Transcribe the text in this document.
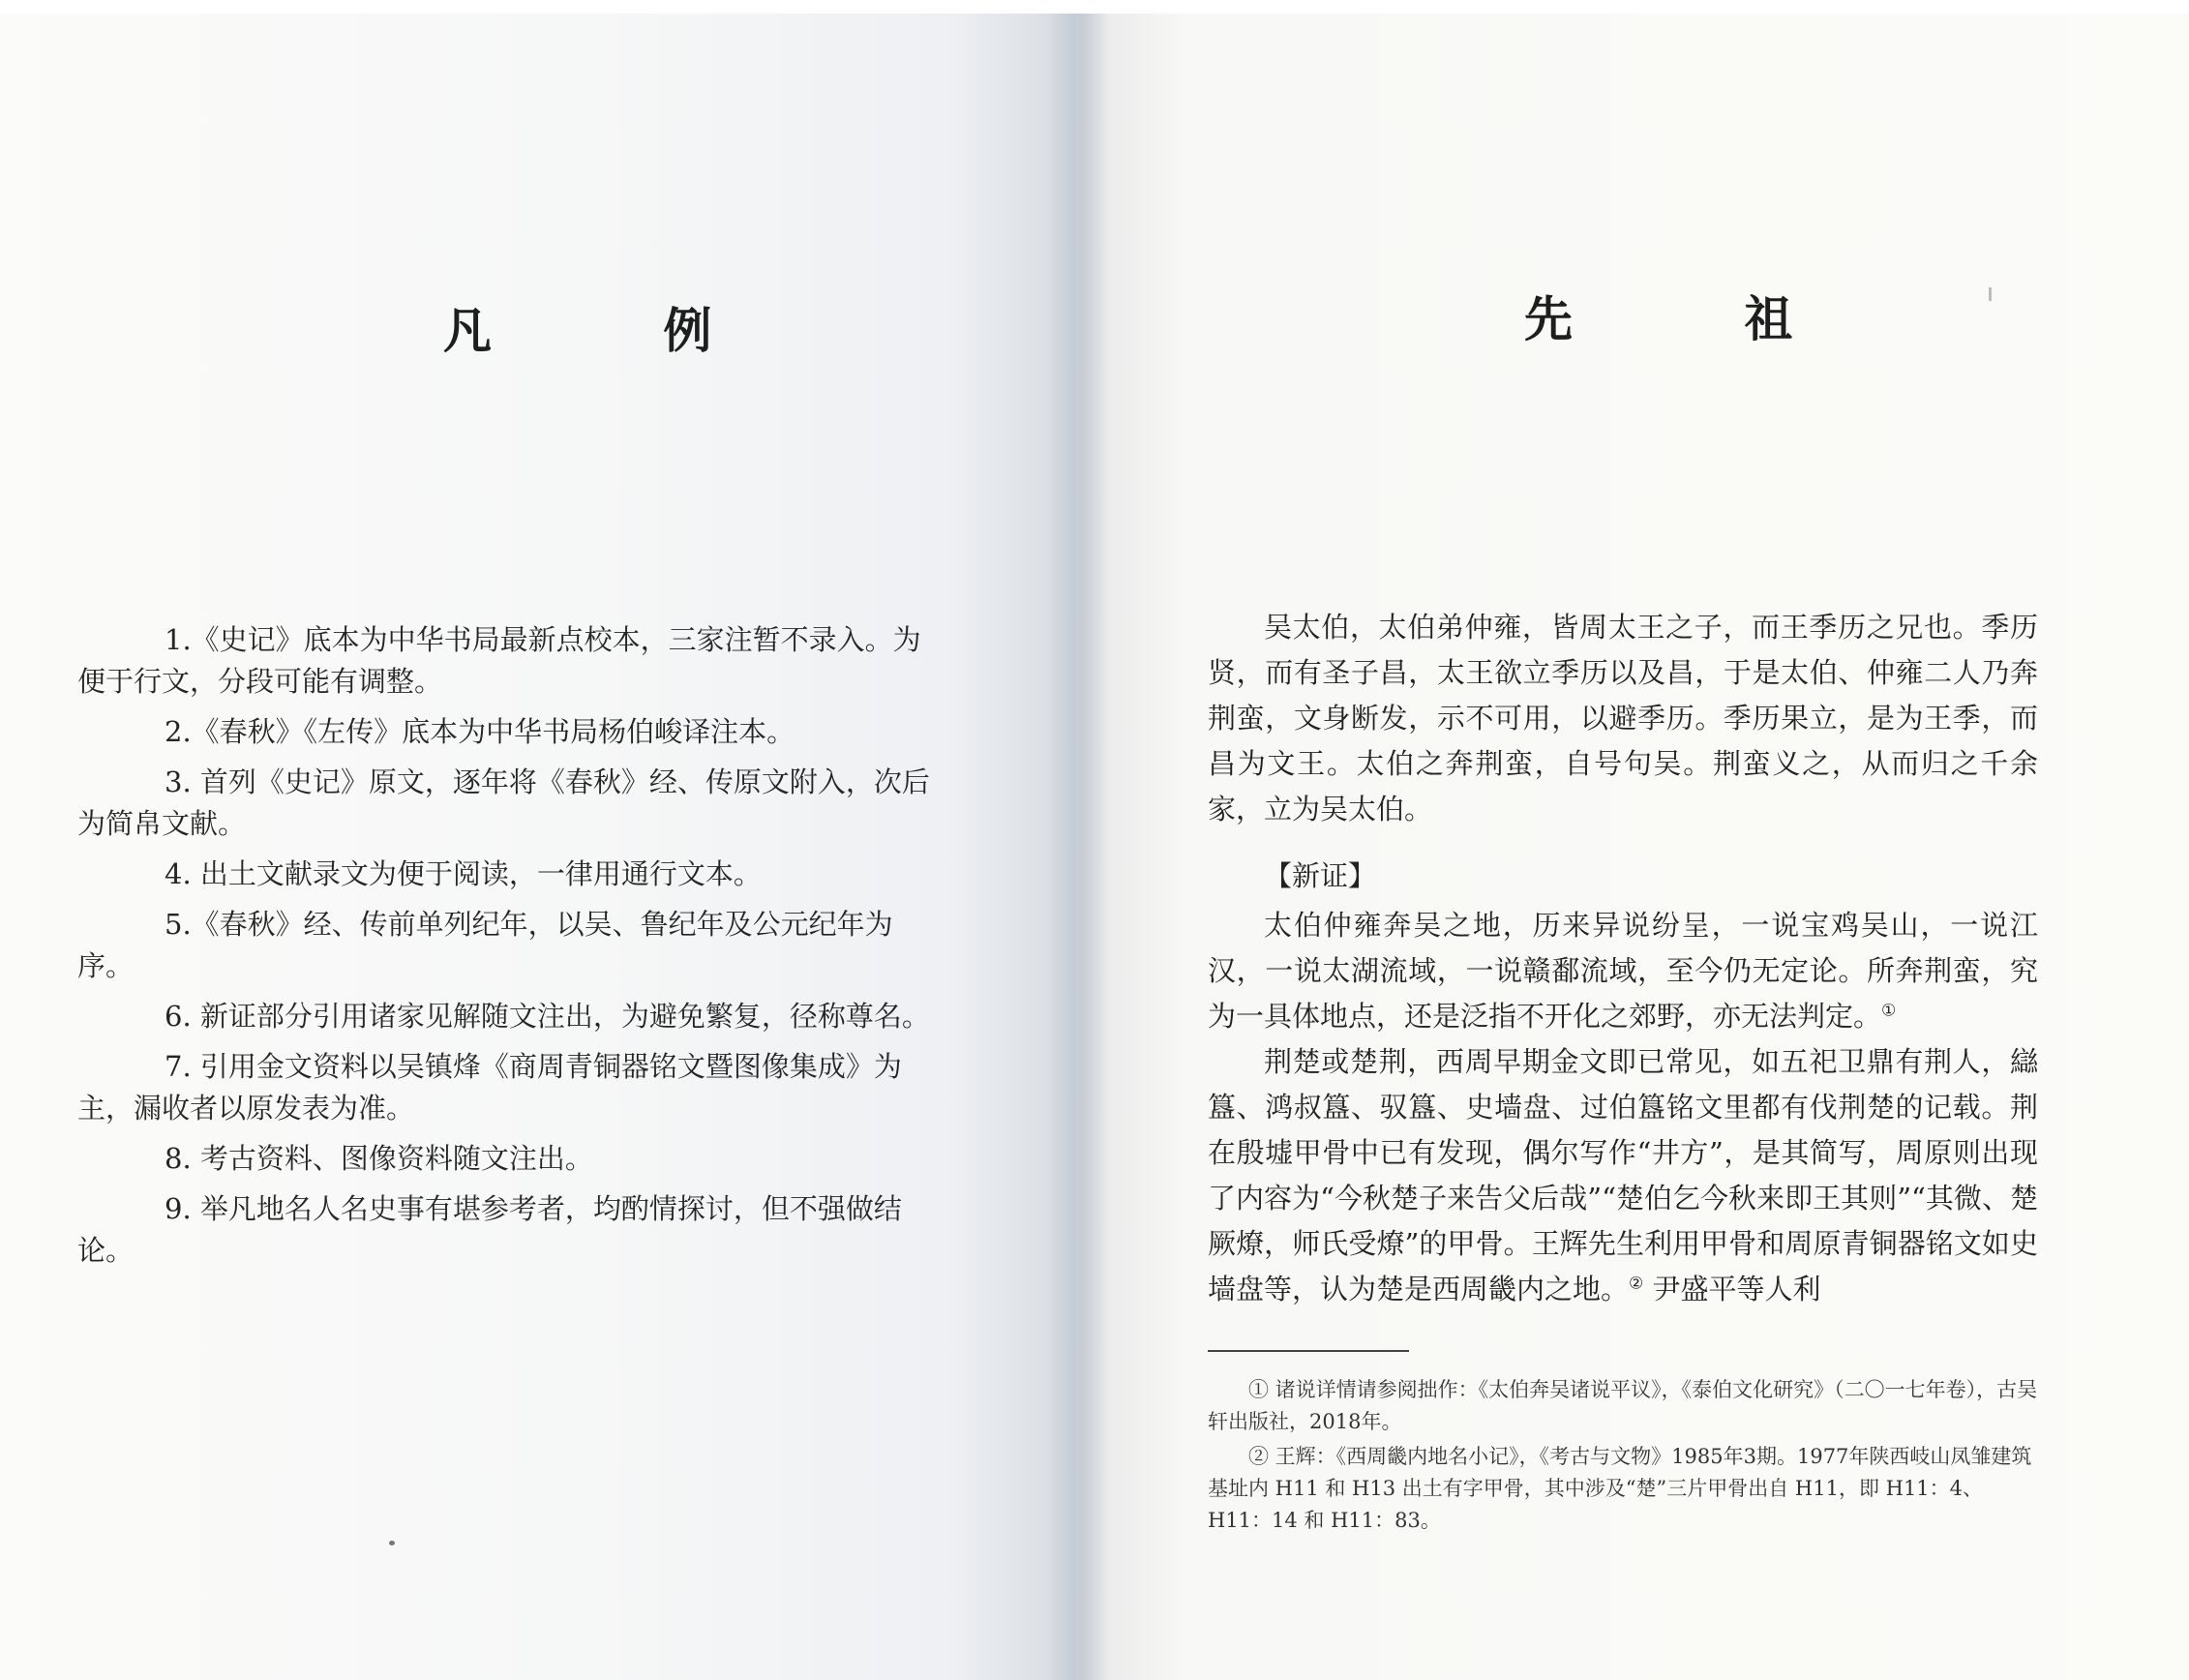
凡 例

1.《史记》底本为中华书局最新点校本，三家注暂不录入。为便于行文，分段可能有调整。

2.《春秋》《左传》底本为中华书局杨伯峻译注本。

3. 首列《史记》原文，逐年将《春秋》经、传原文附入，次后为简帛文献。

4. 出土文献录文为便于阅读，一律用通行文本。

5.《春秋》经、传前单列纪年，以吴、鲁纪年及公元纪年为序。

6. 新证部分引用诸家见解随文注出，为避免繁复，径称尊名。

7. 引用金文资料以吴镇烽《商周青铜器铭文暨图像集成》为主，漏收者以原发表为准。

8. 考古资料、图像资料随文注出。

9. 举凡地名人名史事有堪参考者，均酌情探讨，但不强做结论。

先 祖

吴太伯，太伯弟仲雍，皆周太王之子，而王季历之兄也。季历贤，而有圣子昌，太王欲立季历以及昌，于是太伯、仲雍二人乃奔荆蛮，文身断发，示不可用，以避季历。季历果立，是为王季，而昌为文王。太伯之奔荆蛮，自号句吴。荆蛮义之，从而归之千余家，立为吴太伯。

【新证】

太伯仲雍奔吴之地，历来异说纷呈，一说宝鸡吴山，一说江汉，一说太湖流域，一说赣鄱流域，至今仍无定论。所奔荆蛮，究为一具体地点，还是泛指不开化之郊野，亦无法判定。①

荆楚或楚荆，西周早期金文即已常见，如五祀卫鼎有荆人，䜌簋、鸿叔簋、驭簋、史墙盘、过伯簋铭文里都有伐荆楚的记载。荆在殷墟甲骨中已有发现，偶尔写作“井方”，是其简写，周原则出现了内容为“今秋楚子来告父后哉”“楚伯乞今秋来即王其则”“其微、楚厥燎，师氏受燎”的甲骨。王辉先生利用甲骨和周原青铜器铭文如史墙盘等，认为楚是西周畿内之地。② 尹盛平等人利

① 诸说详情请参阅拙作：《太伯奔吴诸说平议》，《泰伯文化研究》（二〇一七年卷），古吴轩出版社，2018年。

② 王辉：《西周畿内地名小记》，《考古与文物》1985年3期。1977年陕西岐山凤雏建筑基址内 H11 和 H13 出土有字甲骨，其中涉及“楚”三片甲骨出自 H11，即 H11：4、H11：14 和 H11：83。
